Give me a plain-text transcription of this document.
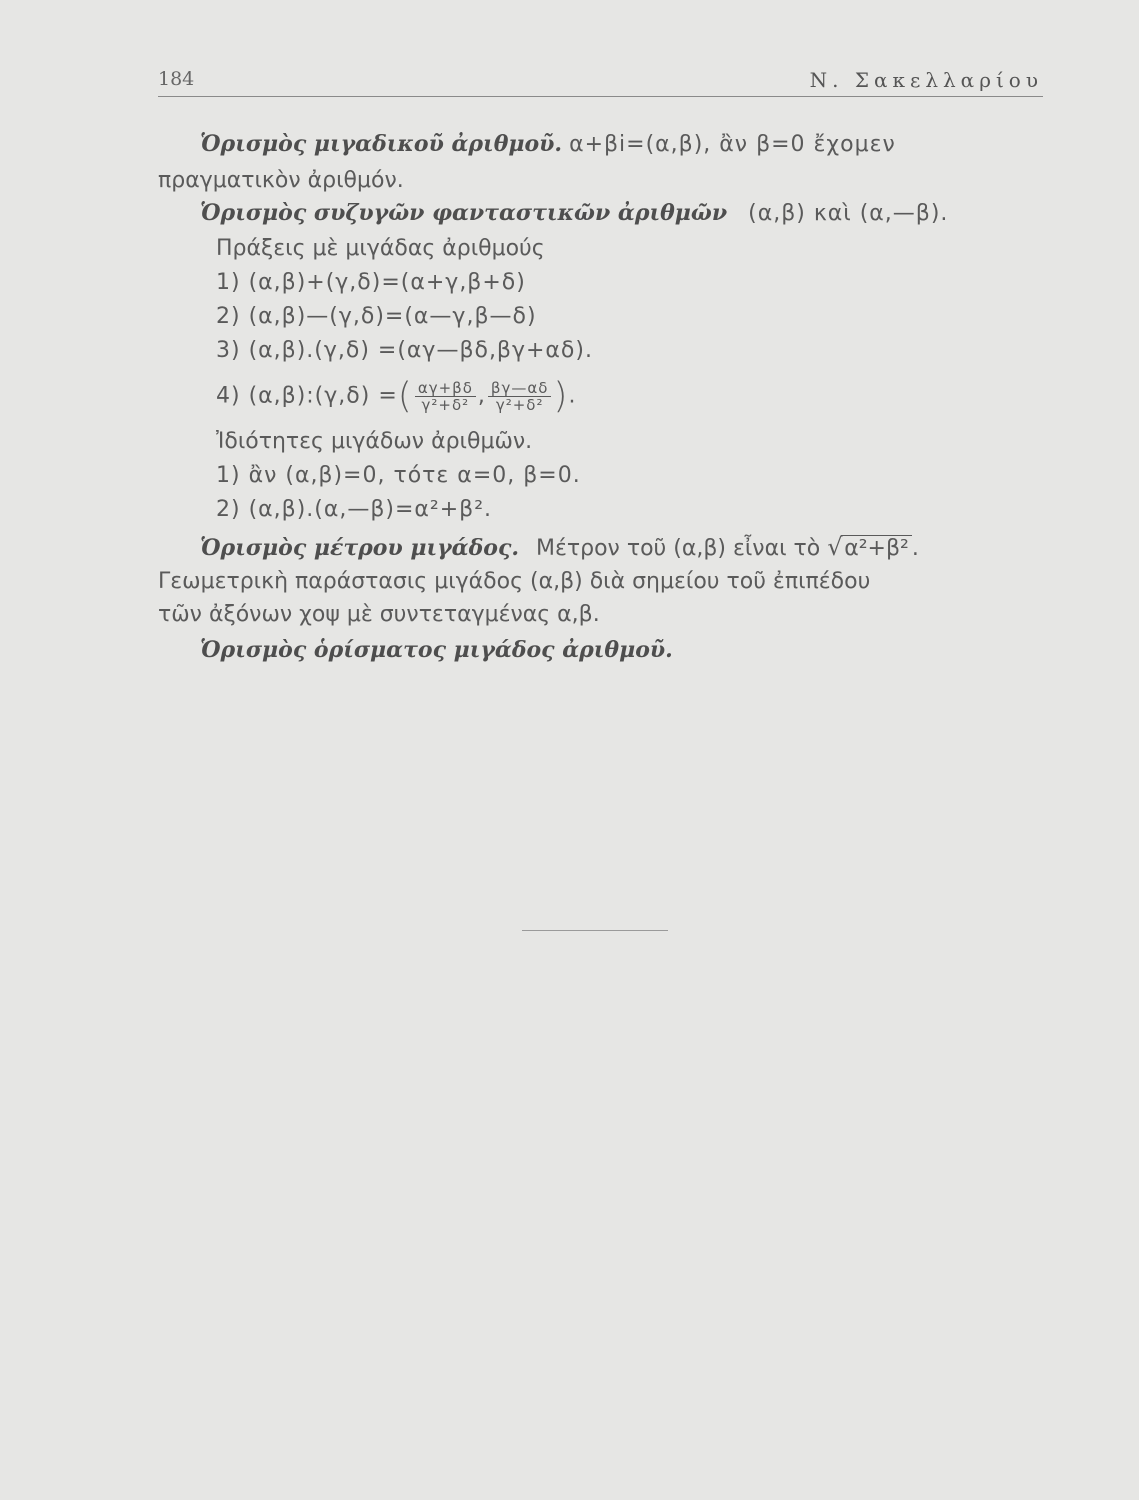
184	Ν. Σακελλαρίου
Ὁρισμὸς μιγαδικοῦ ἀριθμοῦ. α+βi=(α,β), ἂν β=0 ἔχομεν
πραγματικὸν ἀριθμόν.
Ὁρισμὸς συζυγῶν φανταστικῶν ἀριθμῶν (α,β) καὶ (α,—β).
Πράξεις μὲ μιγάδας ἀριθμούς
1) (α,β)+(γ,δ)=(α+γ,β+δ)
2) (α,β)—(γ,δ)=(α—γ,β—δ)
3) (α,β).(γ,δ) =(αγ—βδ,βγ+αδ).
4) (α,β):(γ,δ) =( $\frac{\alpha\gamma+\beta\delta}{\text{γ²+δ²}}$ , $\frac{\beta\gamma—\alpha\delta}{\text{γ²+δ²}}$ ).
Ἰδιότητες μιγάδων ἀριθμῶν.
1) ἂν (α,β)=0, τότε α=0, β=0.
2) (α,β).(α,—β)=α²+β².
Ὁρισμὸς μέτρου μιγάδος. Μέτρον τοῦ (α,β) εἶναι τὸ √ α²+β² .
Γεωμετρικὴ παράστασις μιγάδος (α,β) διὰ σημείου τοῦ ἐπιπέδου
τῶν ἀξόνων χοψ μὲ συντεταγμένας α,β.
Ὁρισμὸς ὁρίσματος μιγάδος ἀριθμοῦ.
